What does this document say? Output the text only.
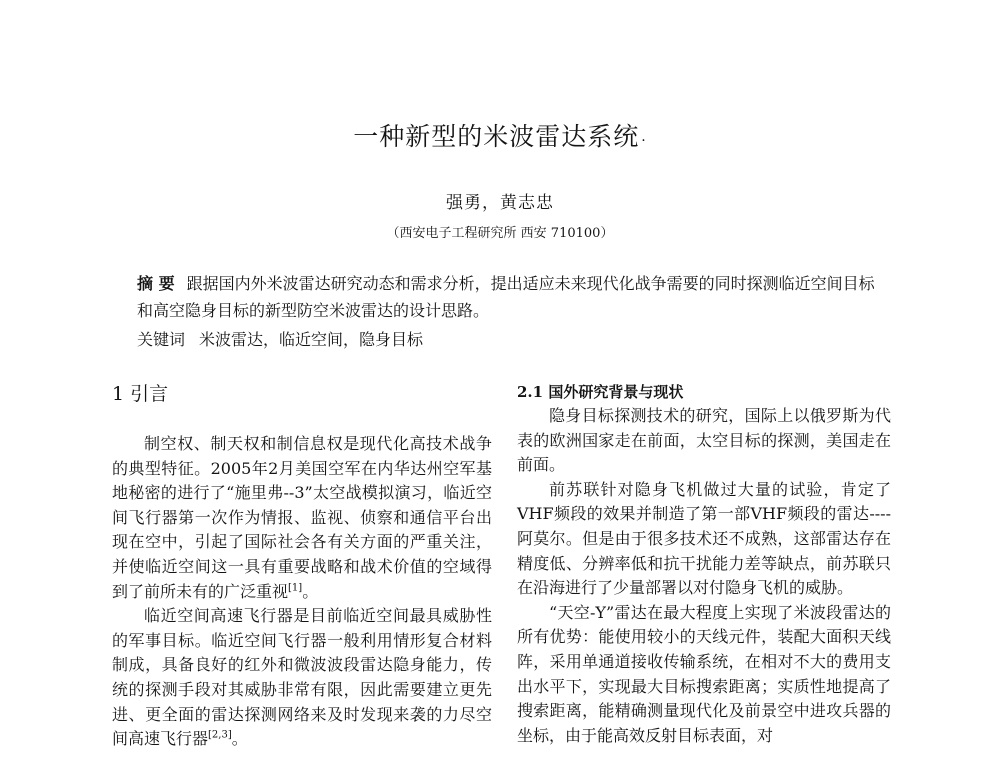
一种新型的米波雷达系统 ·
强勇，黄志忠
（西安电子工程研究所 西安 710100）

摘 要 跟据国内外米波雷达研究动态和需求分析，提出适应未来现代化战争需要的同时探测临近空间目标和高空隐身目标的新型防空米波雷达的设计思路。

关键词 米波雷达，临近空间，隐身目标

1 引言

制空权、制天权和制信息权是现代化高技术战争的典型特征。2005年2月美国空军在内华达州空军基地秘密的进行了“施里弗--3”太空战模拟演习，临近空间飞行器第一次作为情报、监视、侦察和通信平台出现在空中，引起了国际社会各有关方面的严重关注，并使临近空间这一具有重要战略和战术价值的空域得到了前所未有的广泛重视[1]。

临近空间高速飞行器是目前临近空间最具威胁性的军事目标。临近空间飞行器一般利用情形复合材料制成，具备良好的红外和微波波段雷达隐身能力，传统的探测手段对其威胁非常有限，因此需要建立更先进、更全面的雷达探测网络来及时发现来袭的力尽空间高速飞行器[2,3]。

2.1 国外研究背景与现状

隐身目标探测技术的研究，国际上以俄罗斯为代表的欧洲国家走在前面，太空目标的探测，美国走在前面。

前苏联针对隐身飞机做过大量的试验，肯定了VHF频段的效果并制造了第一部VHF频段的雷达----阿莫尔。但是由于很多技术还不成熟，这部雷达存在精度低、分辨率低和抗干扰能力差等缺点，前苏联只在沿海进行了少量部署以对付隐身飞机的威胁。

“天空-Y”雷达在最大程度上实现了米波段雷达的所有优势：能使用较小的天线元件，装配大面积天线阵，采用单通道接收传输系统，在相对不大的费用支出水平下，实现最大目标搜索距离；实质性地提高了搜索距离，能精确测量现代化及前景空中进攻兵器的坐标，由于能高效反射目标表面，对
